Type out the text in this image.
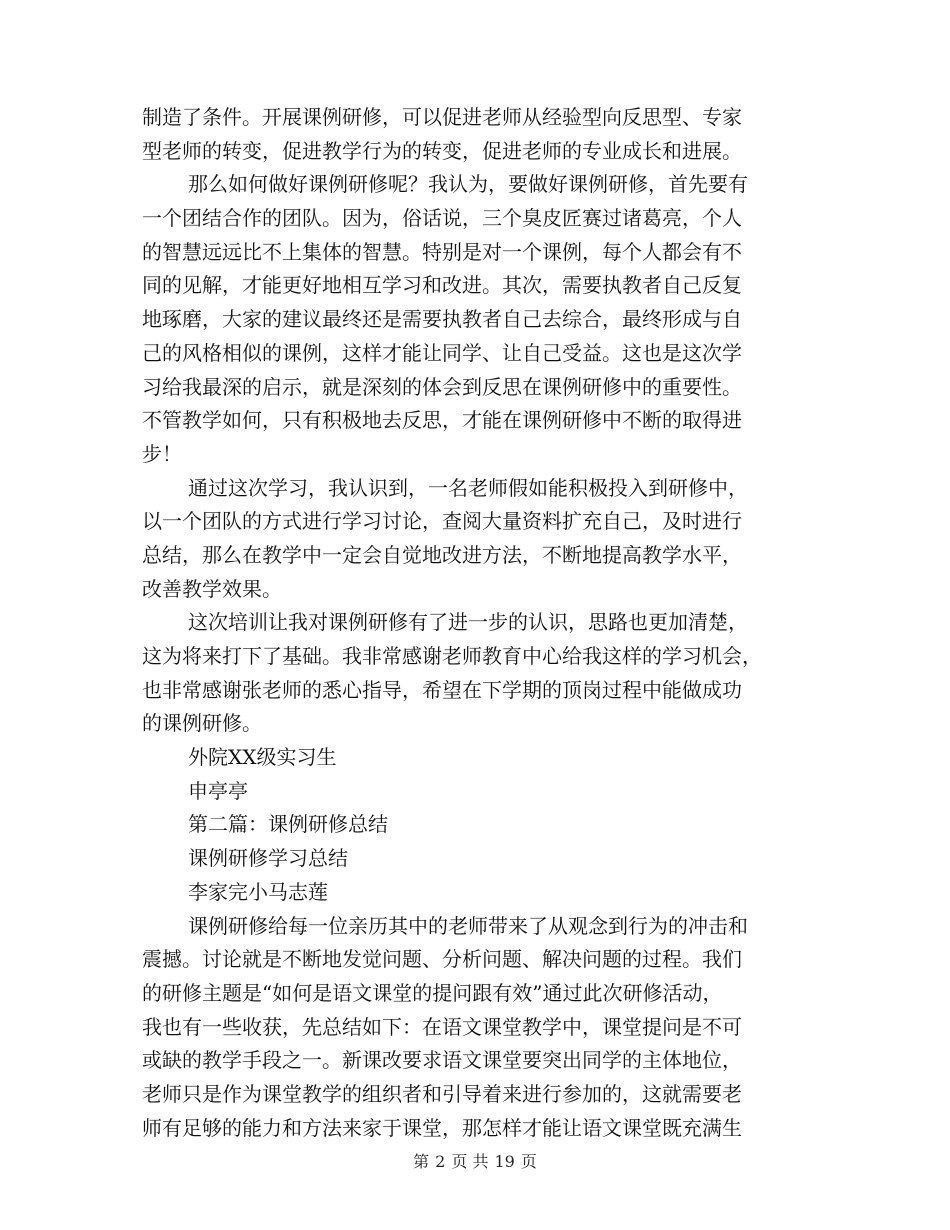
制造了条件。开展课例研修，可以促进老师从经验型向反思型、专家
型老师的转变，促进教学行为的转变，促进老师的专业成长和进展。
那么如何做好课例研修呢？我认为，要做好课例研修，首先要有
一个团结合作的团队。因为，俗话说，三个臭皮匠赛过诸葛亮，个人
的智慧远远比不上集体的智慧。特别是对一个课例，每个人都会有不
同的见解，才能更好地相互学习和改进。其次，需要执教者自己反复
地琢磨，大家的建议最终还是需要执教者自己去综合，最终形成与自
己的风格相似的课例，这样才能让同学、让自己受益。这也是这次学
习给我最深的启示，就是深刻的体会到反思在课例研修中的重要性。
不管教学如何，只有积极地去反思，才能在课例研修中不断的取得进
步！
通过这次学习，我认识到，一名老师假如能积极投入到研修中，
以一个团队的方式进行学习讨论，查阅大量资料扩充自己，及时进行
总结，那么在教学中一定会自觉地改进方法，不断地提高教学水平，
改善教学效果。
这次培训让我对课例研修有了进一步的认识，思路也更加清楚，
这为将来打下了基础。我非常感谢老师教育中心给我这样的学习机会，
也非常感谢张老师的悉心指导，希望在下学期的顶岗过程中能做成功
的课例研修。
外院XX级实习生
申亭亭
第二篇：课例研修总结
课例研修学习总结
李家完小马志莲
课例研修给每一位亲历其中的老师带来了从观念到行为的冲击和
震撼。讨论就是不断地发觉问题、分析问题、解决问题的过程。我们
的研修主题是“如何是语文课堂的提问跟有效”通过此次研修活动，
我也有一些收获，先总结如下：在语文课堂教学中，课堂提问是不可
或缺的教学手段之一。新课改要求语文课堂要突出同学的主体地位，
老师只是作为课堂教学的组织者和引导着来进行参加的，这就需要老
师有足够的能力和方法来家于课堂，那怎样才能让语文课堂既充满生
第 2 页 共 19 页
